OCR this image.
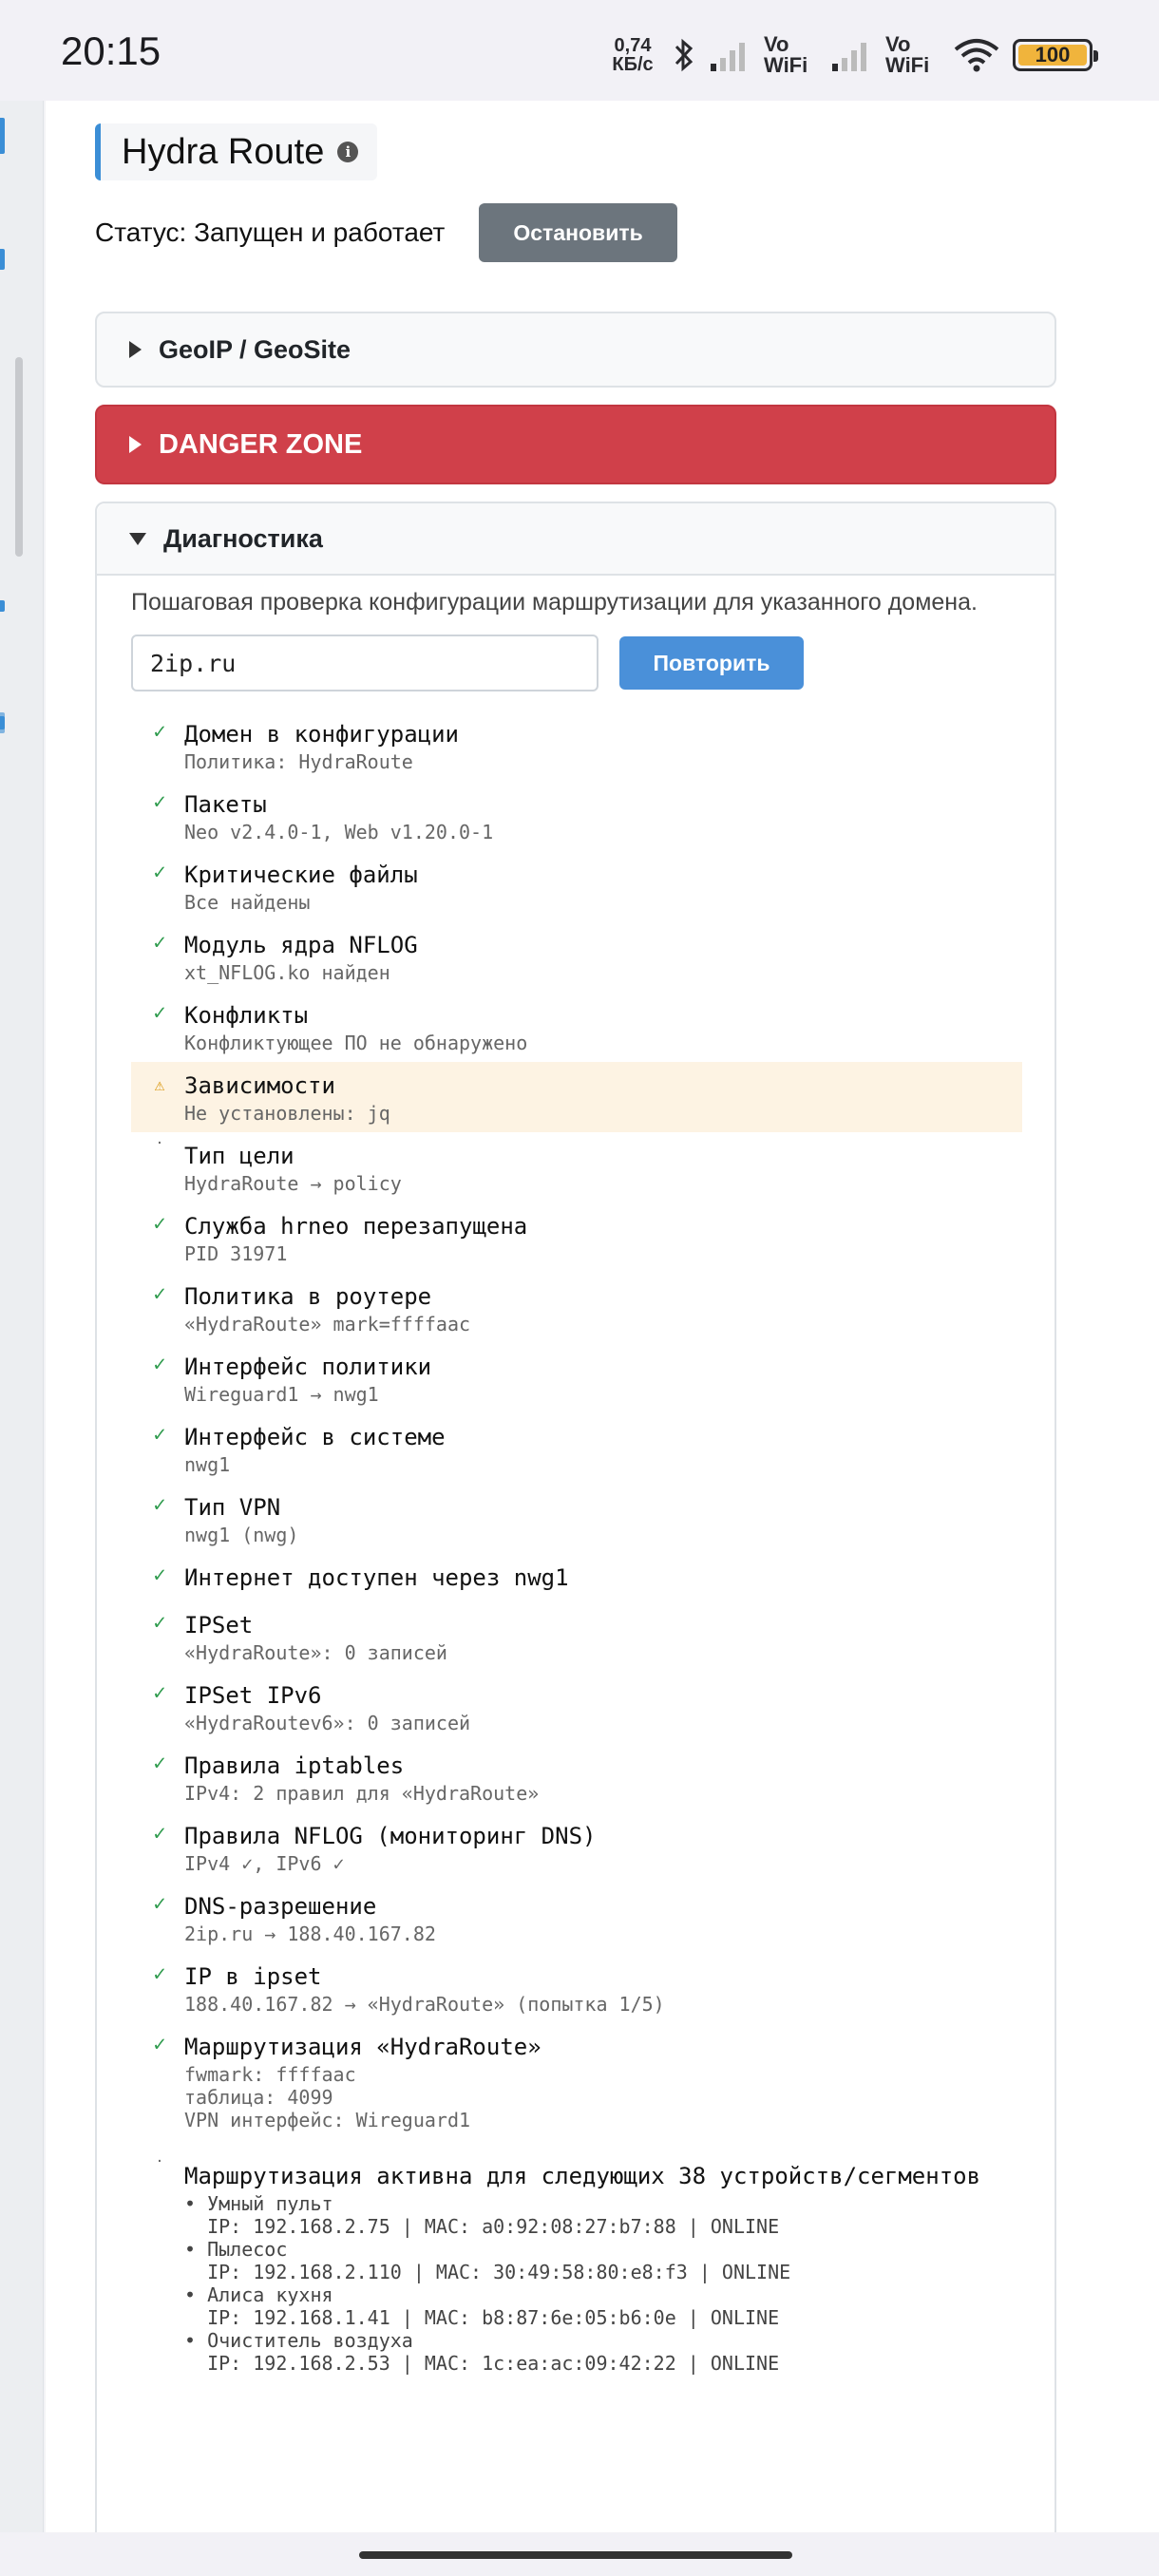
20:15	0,74
КБ/с
Vo WiFi
Vo WiFi	100
Hydra Route	i
Статус: Запущен и работает	Остановить
GeoIP / GeoSite
DANGER ZONE
Диагностика
Пошаговая проверка конфигурации маршрутизации для указанного домена.
2ip.ru
Повторить
✓ Домен в конфигурации
Политика: HydraRoute
✓ Пакеты
Neo v2.4.0-1, Web v1.20.0-1
✓ Критические файлы
Все найдены
✓ Модуль ядра NFLOG
xt_NFLOG.ko найден
✓ Конфликты
Конфликтующее ПО не обнаружено
⚠ Зависимости
Не установлены: jq
· Тип цели
HydraRoute → policy
✓ Служба hrneo перезапущена
PID 31971
✓ Политика в роутере
«HydraRoute» mark=ffffaac
✓ Интерфейс политики
Wireguard1 → nwg1
✓ Интерфейс в системе
nwg1
✓ Тип VPN
nwg1 (nwg)
✓ Интернет доступен через nwg1
✓ IPSet
«HydraRoute»: 0 записей
✓ IPSet IPv6
«HydraRoutev6»: 0 записей
✓ Правила iptables
IPv4: 2 правил для «HydraRoute»
✓ Правила NFLOG (мониторинг DNS)
IPv4 ✓, IPv6 ✓
✓ DNS-разрешение
2ip.ru → 188.40.167.82
✓ IP в ipset
188.40.167.82 → «HydraRoute» (попытка 1/5)
✓ Маршрутизация «HydraRoute»
fwmark: ffffaac
таблица: 4099
VPN интерфейс: Wireguard1
·
Маршрутизация активна для следующих 38 устройств/сегментов
• Умный пульт
IP: 192.168.2.75 | MAC: a0:92:08:27:b7:88 | ONLINE
• Пылесос
IP: 192.168.2.110 | MAC: 30:49:58:80:e8:f3 | ONLINE
• Алиса кухня
IP: 192.168.1.41 | MAC: b8:87:6e:05:b6:0e | ONLINE
• Очиститель воздуха
IP: 192.168.2.53 | MAC: 1c:ea:ac:09:42:22 | ONLINE
